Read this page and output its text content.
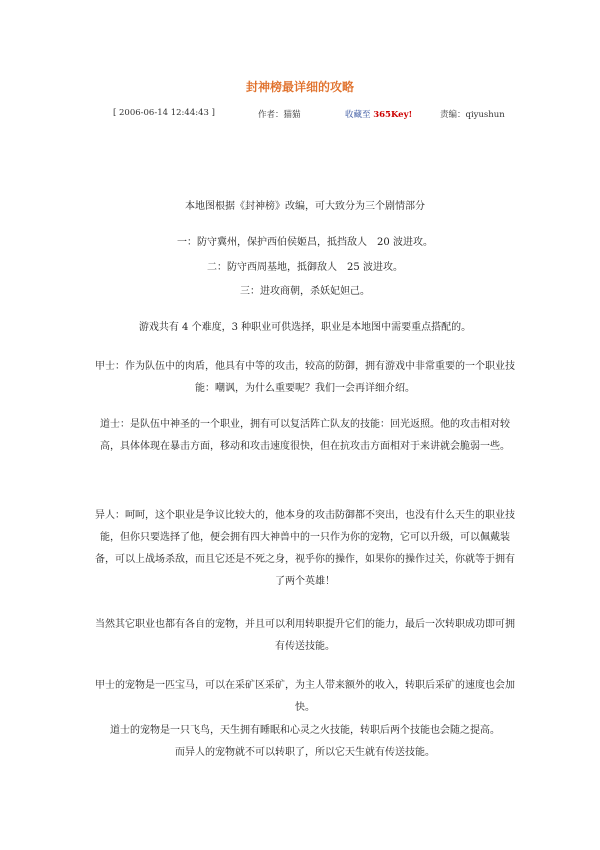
封神榜最详细的攻略
[ 2006-06-14 12:44:43 ]	作者：猫猫	收藏至 365Key!	责编：qiyushun
本地图根据《封神榜》改编，可大致分为三个剧情部分
一：防守冀州，保护西伯侯姬昌，抵挡敌人　20 波进攻。
二：防守西周基地，抵御敌人　25 波进攻。
三：进攻商朝，杀妖妃妲己。
游戏共有 4 个难度，3 种职业可供选择，职业是本地图中需要重点搭配的。
甲士：作为队伍中的肉盾，他具有中等的攻击，较高的防御，拥有游戏中非常重要的一个职业技能：嘲讽，为什么重要呢？我们一会再详细介绍。
道士：是队伍中神圣的一个职业，拥有可以复活阵亡队友的技能：回光返照。他的攻击相对较高，具体体现在暴击方面，移动和攻击速度很快，但在抗攻击方面相对于来讲就会脆弱一些。
异人：呵呵，这个职业是争议比较大的，他本身的攻击防御都不突出，也没有什么天生的职业技能，但你只要选择了他，便会拥有四大神兽中的一只作为你的宠物，它可以升级，可以佩戴装备，可以上战场杀敌，而且它还是不死之身，视乎你的操作，如果你的操作过关，你就等于拥有了两个英雄！
当然其它职业也都有各自的宠物，并且可以利用转职提升它们的能力，最后一次转职成功即可拥有传送技能。
甲士的宠物是一匹宝马，可以在采矿区采矿，为主人带来额外的收入，转职后采矿的速度也会加快。
道士的宠物是一只飞鸟，天生拥有睡眠和心灵之火技能，转职后两个技能也会随之提高。
而异人的宠物就不可以转职了，所以它天生就有传送技能。
